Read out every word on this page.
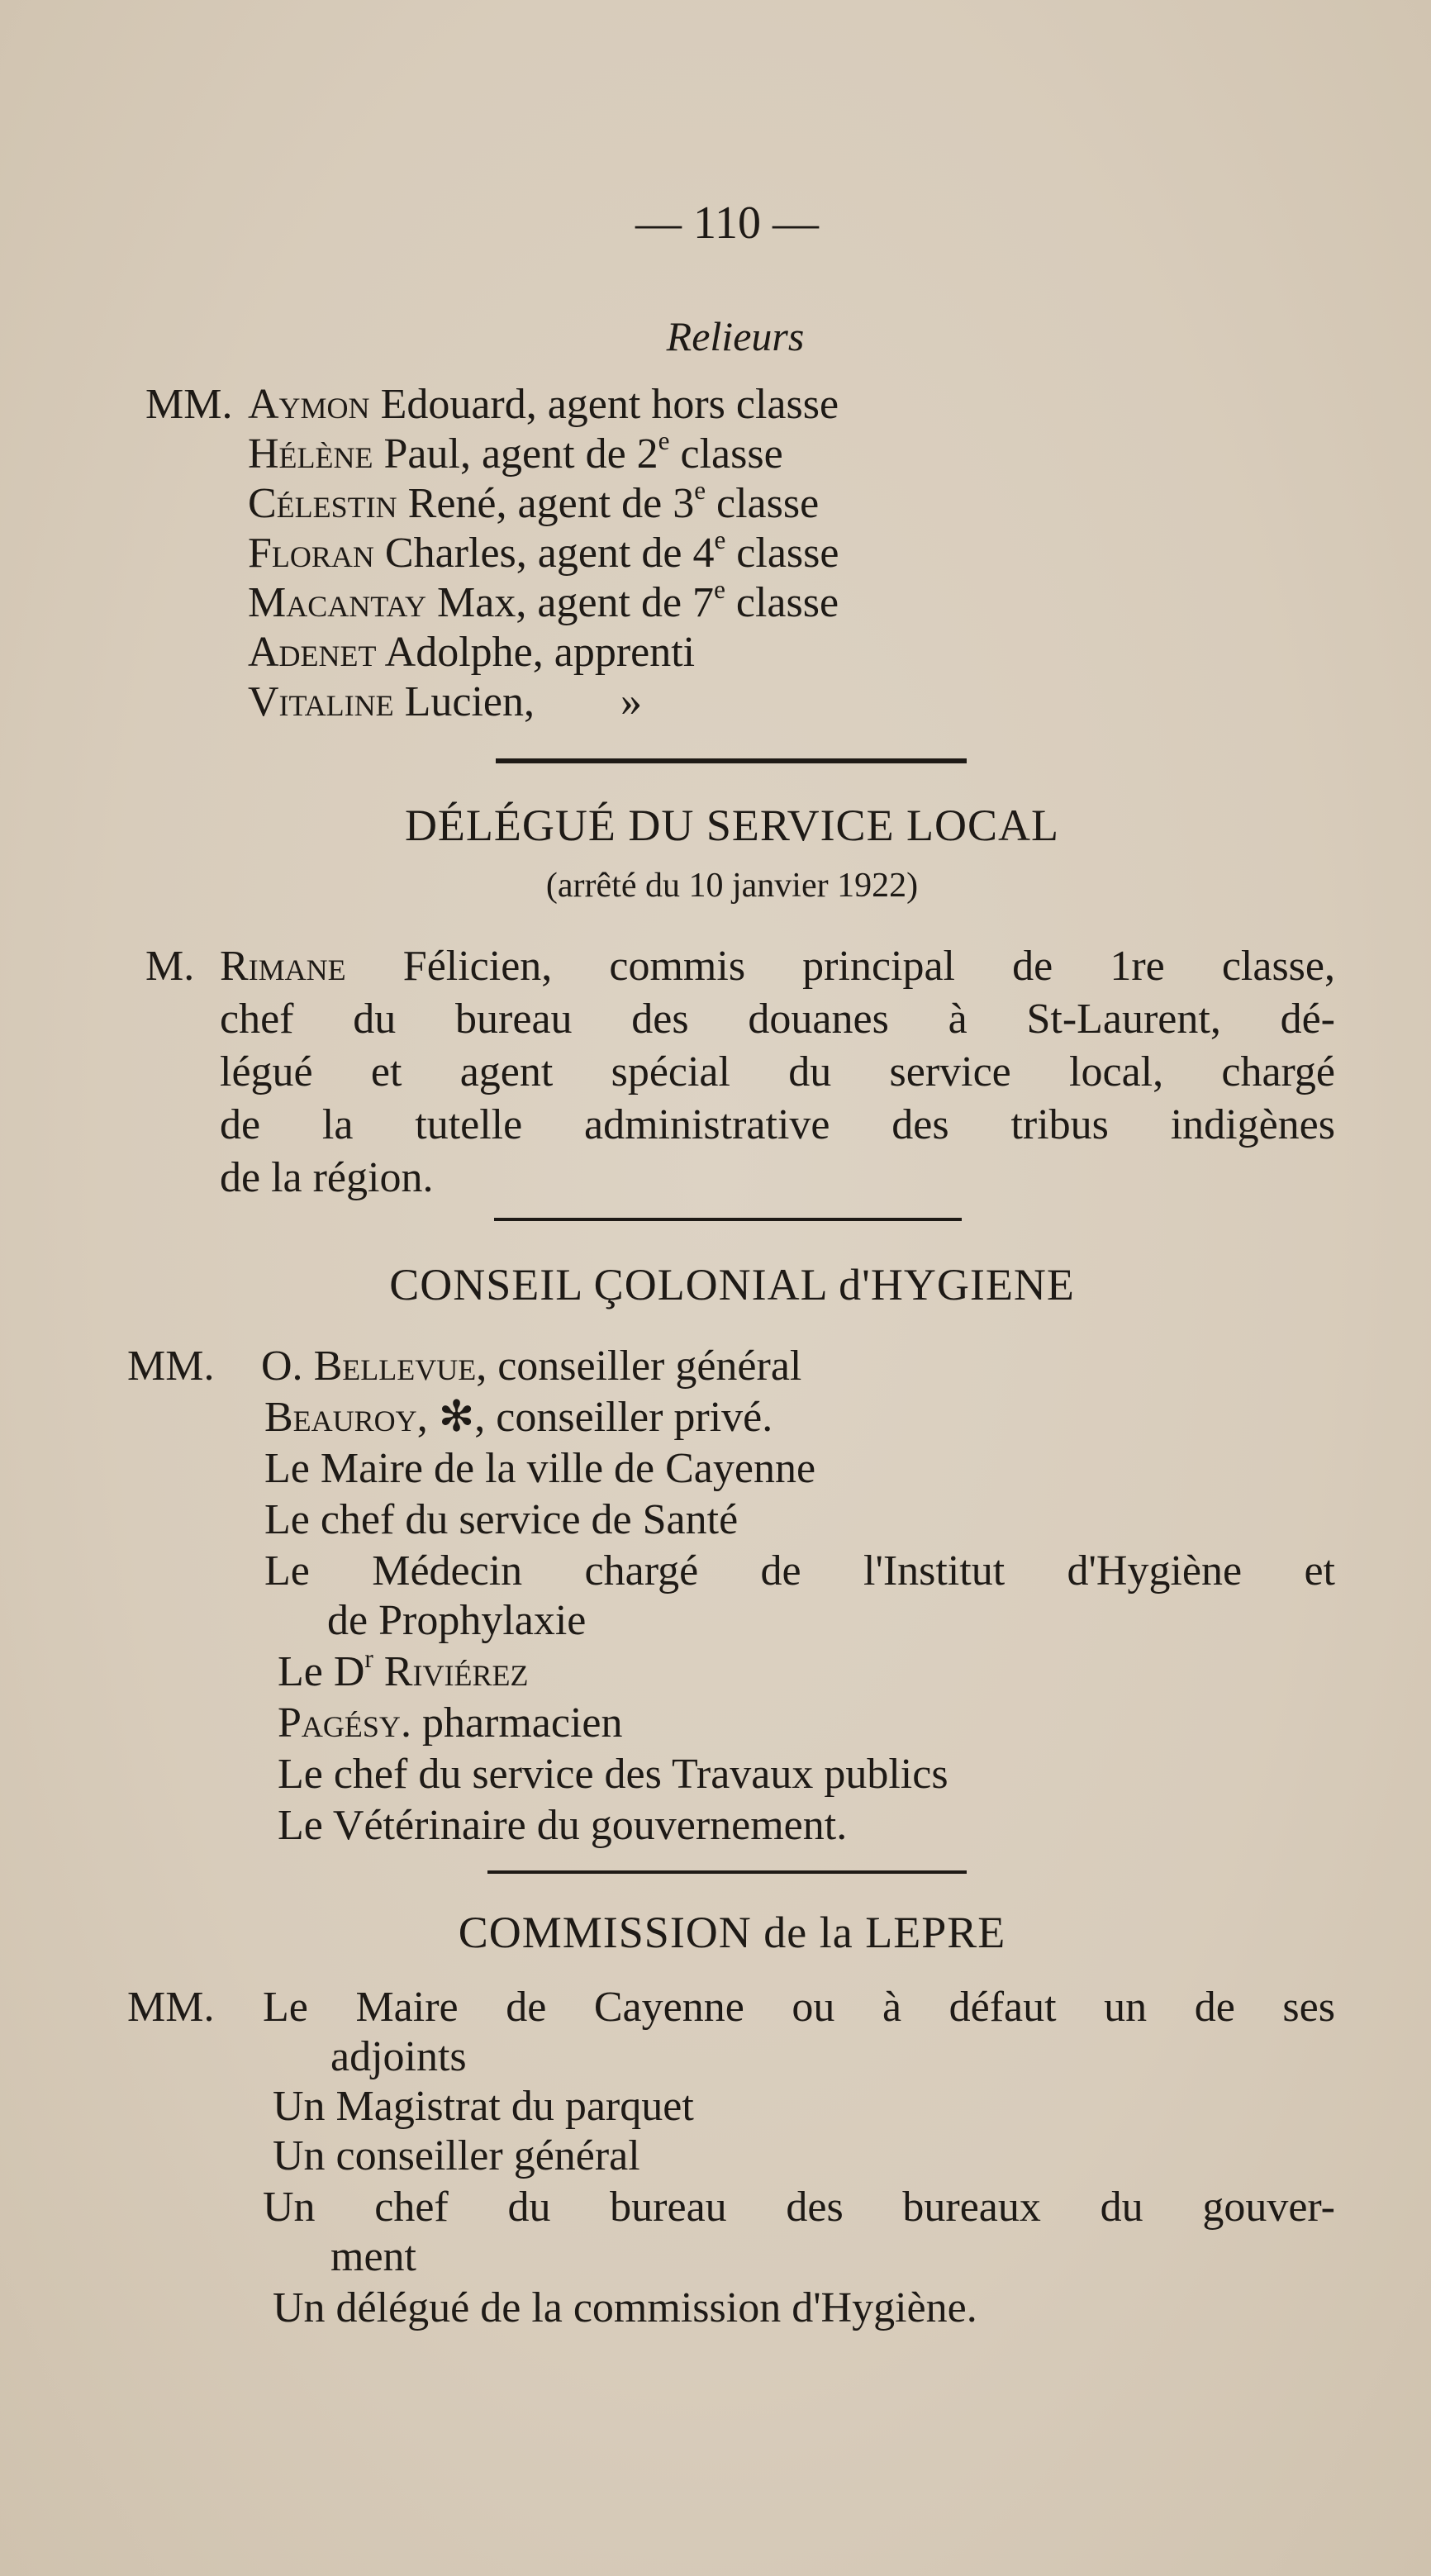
— 110 —
Relieurs
MM. Aymon Edouard, agent hors classe
Hélène Paul, agent de 2e classe
Célestin René, agent de 3e classe
Floran Charles, agent de 4e classe
Macantay Max, agent de 7e classe
Adenet Adolphe, apprenti
Vitaline Lucien,        »
DÉLÉGUÉ DU SERVICE LOCAL
(arrêté du 10 janvier 1922)
M. Rimane Félicien, commis principal de 1re classe,
chef du bureau des douanes à St-Laurent, dé-
légué et agent spécial du service local, chargé
de la tutelle administrative des tribus indigènes
de la région.
CONSEIL ÇOLONIAL d'HYGIENE
MM. O. Bellevue, conseiller général
Beauroy, ✻, conseiller privé.
Le Maire de la ville de Cayenne
Le chef du service de Santé
Le Médecin chargé de l'Institut d'Hygiène et
de Prophylaxie
Le $D^r$ Riviérez
Pagésy. pharmacien
Le chef du service des Travaux publics
Le Vétérinaire du gouvernement.
COMMISSION de la LEPRE
MM. Le Maire de Cayenne ou à défaut un de ses
adjoints
Un Magistrat du parquet
Un conseiller général
Un chef du bureau des bureaux du gouver-
ment
Un délégué de la commission d'Hygiène.
